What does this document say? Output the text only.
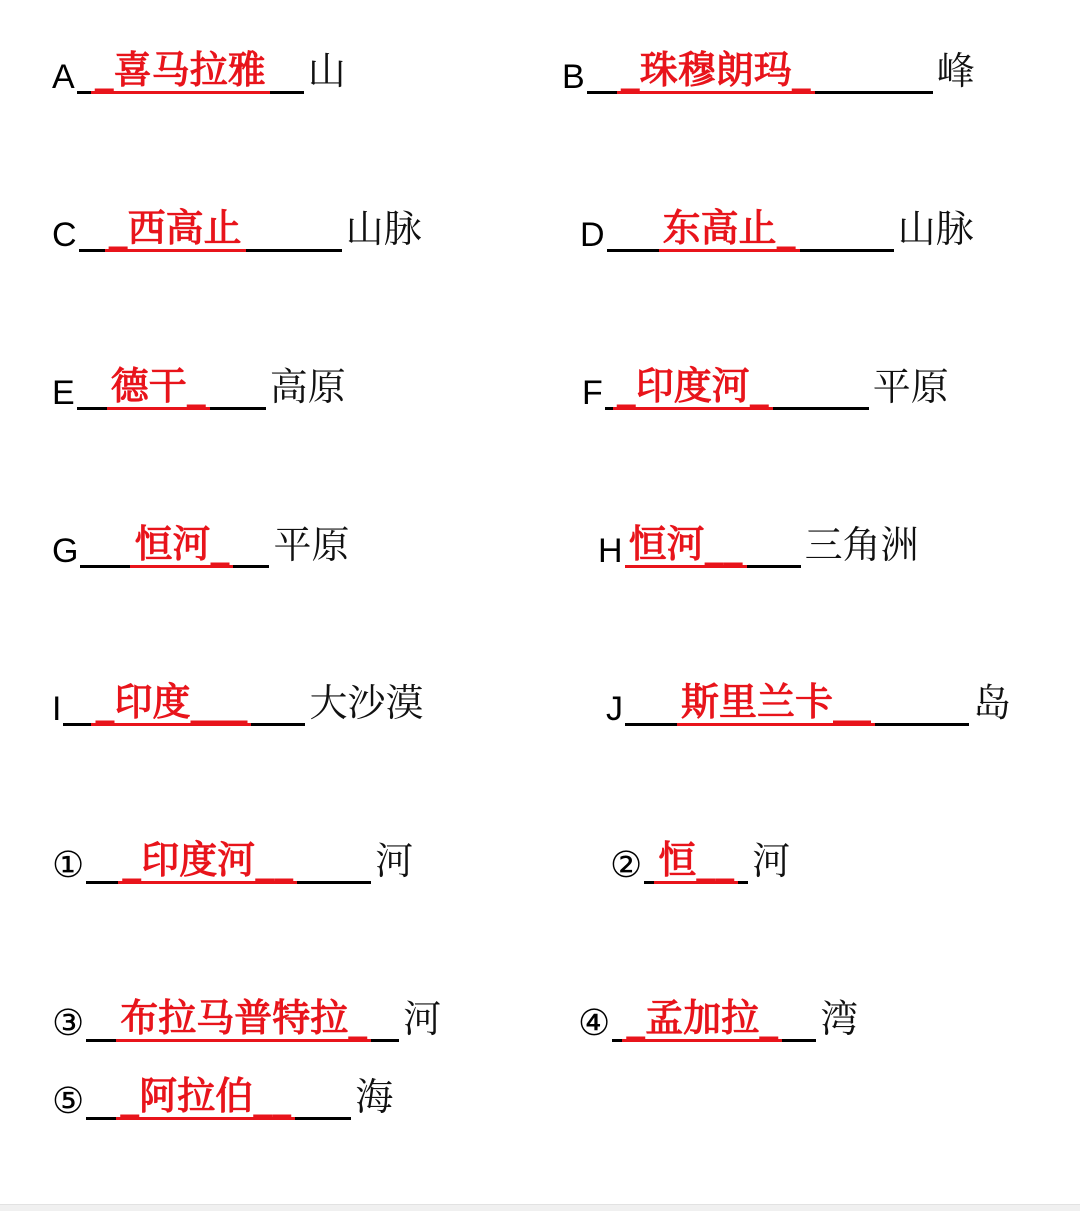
A _喜马拉雅 山	B _珠穆朗玛_	峰
C _西高止	山脉	D 东高止_	山脉
E 德干_ 高原	F _印度河_	平原
G 恒河_ 平原	H 恒河__ 三角洲
I _印度___ 大沙漠	J 斯里兰卡__	岛
① _印度河__ 河	② 恒__ 河
③ 布拉马普特拉_ 河	④ _孟加拉_ 湾
⑤ _阿拉伯__ 海
